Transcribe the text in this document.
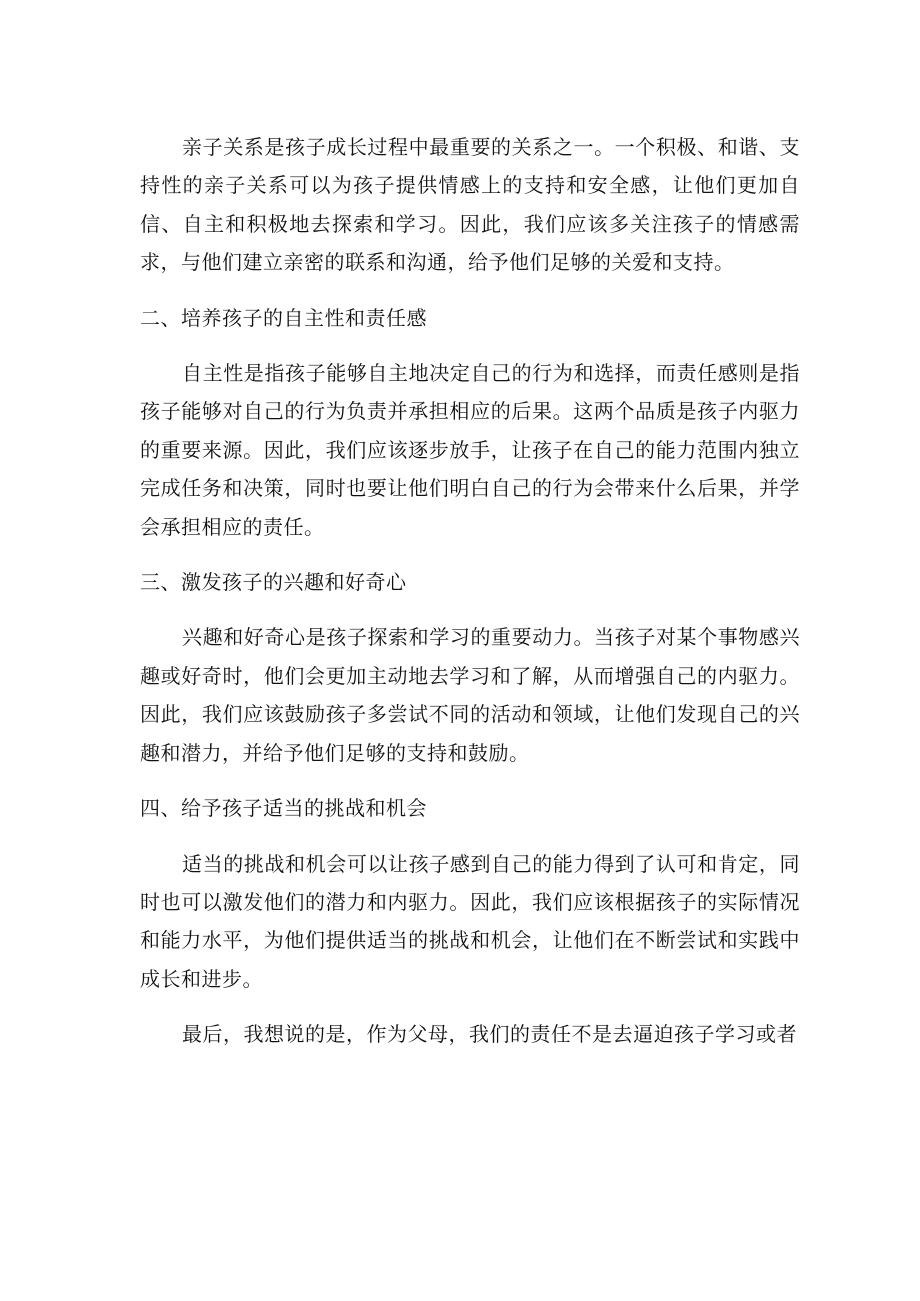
亲子关系是孩子成长过程中最重要的关系之一。一个积极、和谐、支持性的亲子关系可以为孩子提供情感上的支持和安全感，让他们更加自信、自主和积极地去探索和学习。因此，我们应该多关注孩子的情感需求，与他们建立亲密的联系和沟通，给予他们足够的关爱和支持。

二、培养孩子的自主性和责任感

自主性是指孩子能够自主地决定自己的行为和选择，而责任感则是指孩子能够对自己的行为负责并承担相应的后果。这两个品质是孩子内驱力的重要来源。因此，我们应该逐步放手，让孩子在自己的能力范围内独立完成任务和决策，同时也要让他们明白自己的行为会带来什么后果，并学会承担相应的责任。

三、激发孩子的兴趣和好奇心

兴趣和好奇心是孩子探索和学习的重要动力。当孩子对某个事物感兴趣或好奇时，他们会更加主动地去学习和了解，从而增强自己的内驱力。因此，我们应该鼓励孩子多尝试不同的活动和领域，让他们发现自己的兴趣和潜力，并给予他们足够的支持和鼓励。

四、给予孩子适当的挑战和机会

适当的挑战和机会可以让孩子感到自己的能力得到了认可和肯定，同时也可以激发他们的潜力和内驱力。因此，我们应该根据孩子的实际情况和能力水平，为他们提供适当的挑战和机会，让他们在不断尝试和实践中成长和进步。

最后，我想说的是，作为父母，我们的责任不是去逼迫孩子学习或者
